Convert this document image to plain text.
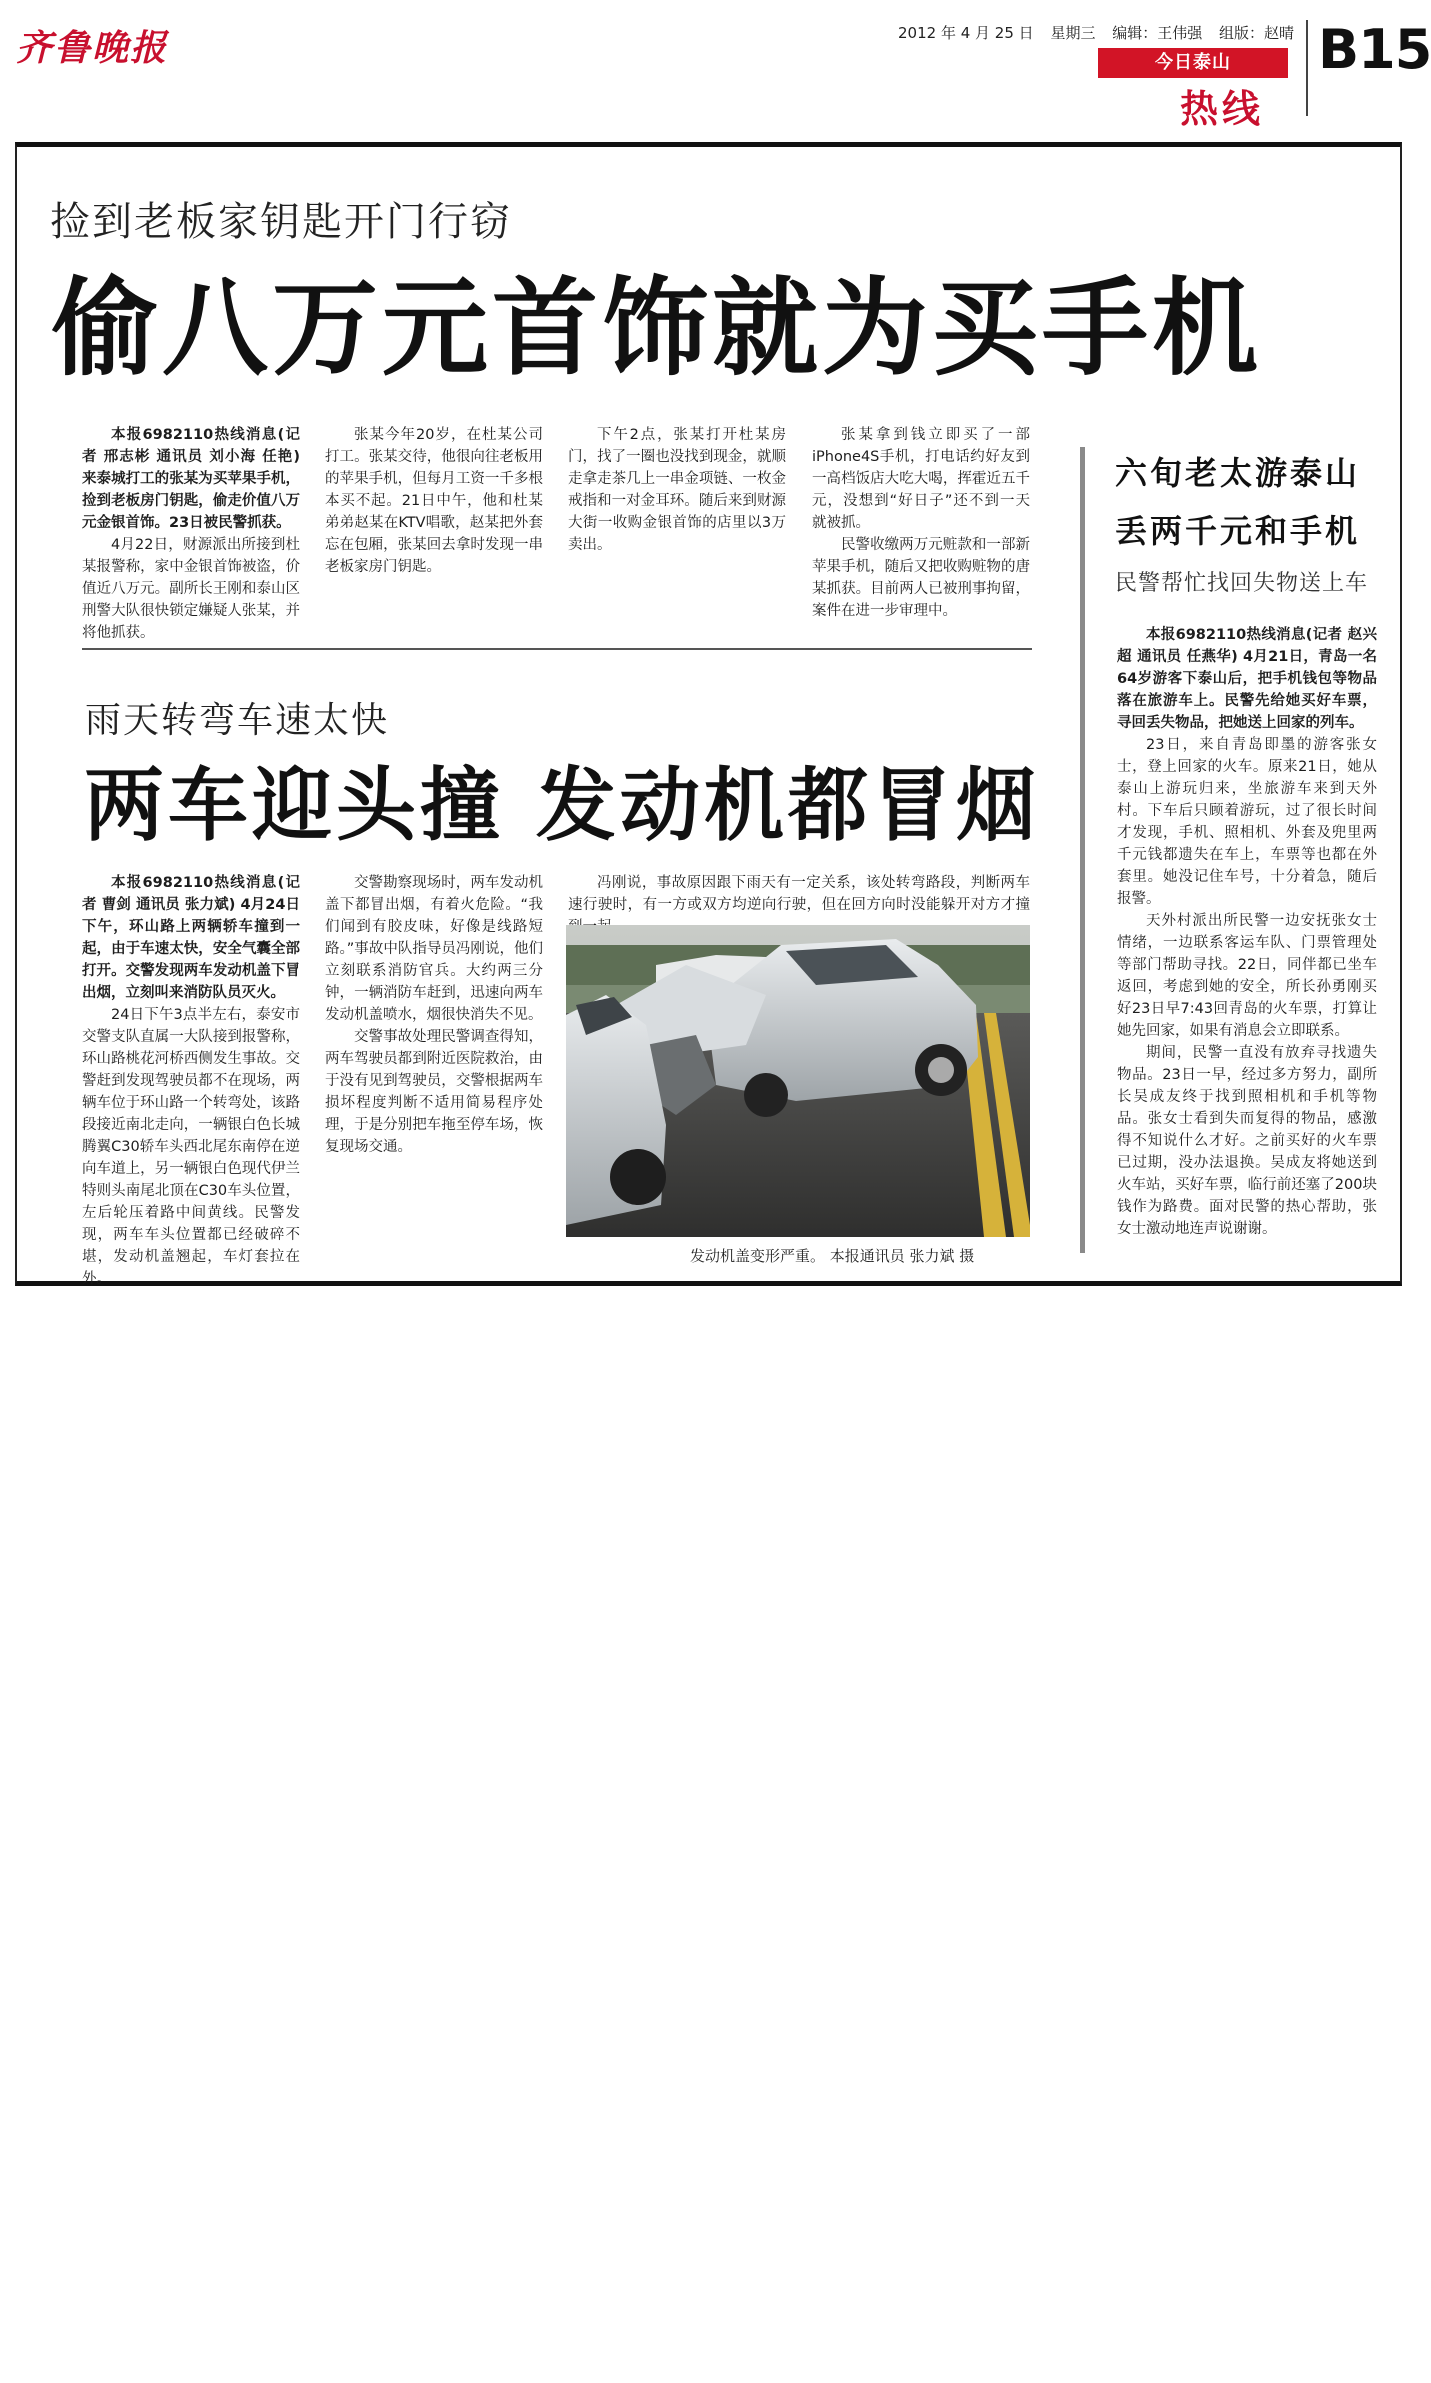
齐鲁晚报	2012 年 4 月 25 日 星期三 编辑：王伟强 组版：赵晴
今日泰山
热线
B15
捡到老板家钥匙开门行窃
偷八万元首饰就为买手机

本报6982110热线消息(记者 邢志彬 通讯员 刘小海 任艳) 来泰城打工的张某为买苹果手机，捡到老板房门钥匙，偷走价值八万元金银首饰。23日被民警抓获。

4月22日，财源派出所接到杜某报警称，家中金银首饰被盗，价值近八万元。副所长王刚和泰山区刑警大队很快锁定嫌疑人张某，并将他抓获。

张某今年20岁，在杜某公司打工。张某交待，他很向往老板用的苹果手机，但每月工资一千多根本买不起。21日中午，他和杜某弟弟赵某在KTV唱歌，赵某把外套忘在包厢，张某回去拿时发现一串老板家房门钥匙。

下午2点，张某打开杜某房门，找了一圈也没找到现金，就顺走拿走茶几上一串金项链、一枚金戒指和一对金耳环。随后来到财源大街一收购金银首饰的店里以3万卖出。

张某拿到钱立即买了一部iPhone4S手机，打电话约好友到一高档饭店大吃大喝，挥霍近五千元，没想到“好日子”还不到一天就被抓。

民警收缴两万元赃款和一部新苹果手机，随后又把收购赃物的唐某抓获。目前两人已被刑事拘留，案件在进一步审理中。

雨天转弯车速太快
两车迎头撞 发动机都冒烟

本报6982110热线消息(记者 曹剑 通讯员 张力斌) 4月24日下午，环山路上两辆轿车撞到一起，由于车速太快，安全气囊全部打开。交警发现两车发动机盖下冒出烟，立刻叫来消防队员灭火。

24日下午3点半左右，泰安市交警支队直属一大队接到报警称，环山路桃花河桥西侧发生事故。交警赶到发现驾驶员都不在现场，两辆车位于环山路一个转弯处，该路段接近南北走向，一辆银白色长城腾翼C30轿车头西北尾东南停在逆向车道上，另一辆银白色现代伊兰特则头南尾北顶在C30车头位置，左后轮压着路中间黄线。民警发现，两车车头位置都已经破碎不堪，发动机盖翘起，车灯套拉在外。

交警勘察现场时，两车发动机盖下都冒出烟，有着火危险。“我们闻到有胶皮味，好像是线路短路。”事故中队指导员冯刚说，他们立刻联系消防官兵。大约两三分钟，一辆消防车赶到，迅速向两车发动机盖喷水，烟很快消失不见。

交警事故处理民警调查得知，两车驾驶员都到附近医院救治，由于没有见到驾驶员，交警根据两车损坏程度判断不适用简易程序处理，于是分别把车拖至停车场，恢复现场交通。

冯刚说，事故原因跟下雨天有一定关系，该处转弯路段，判断两车速行驶时，有一方或双方均逆向行驶，但在回方向时没能躲开对方才撞

发动机盖变形严重。 本报通讯员 张力斌 摄
六旬老太游泰山
丢两千元和手机
民警帮忙找回失物送上车

本报6982110热线消息(记者 赵兴超 通讯员 任燕华) 4月21日，青岛一名64岁游客下泰山后，把手机钱包等物品落在旅游车上。民警先给她买好车票，寻回丢失物品，把她送上回家的列车。

23日，来自青岛即墨的游客张女士，登上回家的火车。原来21日，她从泰山上游玩归来，坐旅游车来到天外村。下车后只顾着游玩，过了很长时间才发现，手机、照相机、外套及兜里两千元钱都遗失在车上，车票等也都在外套里。她没记住车号，十分着急，随后报警。

天外村派出所民警一边安抚张女士情绪，一边联系客运车队、门票管理处等部门帮助寻找。22日，同伴都已坐车返回，考虑到她的安全，所长孙勇刚买好23日早7:43回青岛的火车票，打算让她先回家，如果有消息会立即联系。

期间，民警一直没有放弃寻找遗失物品。23日一早，经过多方努力，副所长吴成友终于找到照相机和手机等物品。张女士看到失而复得的物品，感激得不知说什么才好。之前买好的火车票已过期，没办法退换。吴成友将她送到火车站，买好车票，临行前还塞了200块钱作为路费。面对民警的热心帮助，张女士激动地连声说谢谢。
